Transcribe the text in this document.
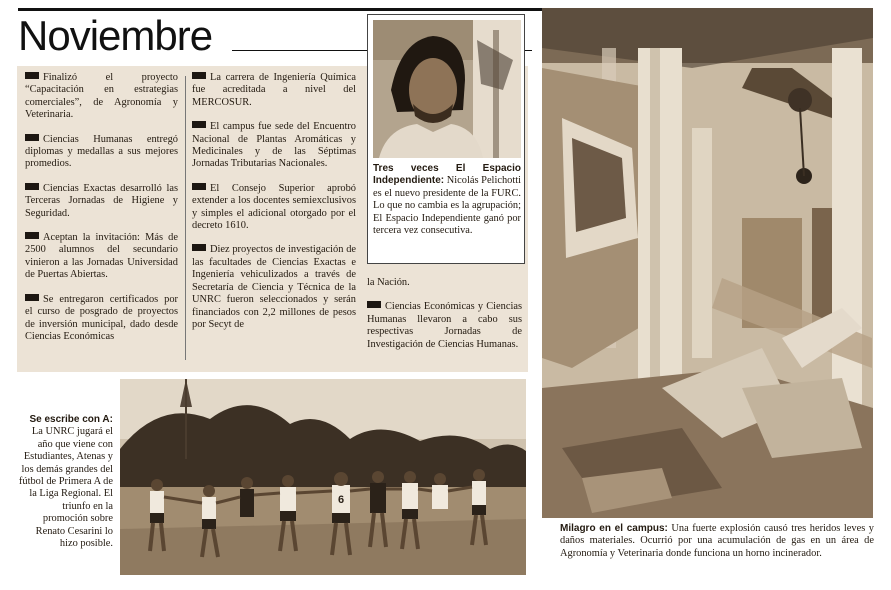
Noviembre

Finalizó el proyecto “Capacitación en estrategias comerciales”, de Agronomía y Veterinaria.

Ciencias Humanas entregó diplomas y medallas a sus mejores promedios.

Ciencias Exactas desarrolló las Terceras Jornadas de Higiene y Seguridad.

Aceptan la invitación: Más de 2500 alumnos del secundario vinieron a las Jornadas Universidad de Puertas Abiertas.

Se entregaron certificados por el curso de posgrado de proyectos de inversión municipal, dado desde Ciencias Económicas

La carrera de Ingeniería Química fue acreditada a nivel del MERCOSUR.

El campus fue sede del Encuentro Nacional de Plantas Aromáticas y Medicinales y de las Séptimas Jornadas Tributarias Nacionales.

El Consejo Superior aprobó extender a los docentes semiexclusivos y simples el adicional otorgado por el decreto 1610.

Diez proyectos de investigación de las facultades de Ciencias Exactas e Ingeniería vehiculizados a través de Secretaría de Ciencia y Técnica de la UNRC fueron seleccionados y serán financiados con 2,2 millones de pesos por Secyt de

la Nación.

Ciencias Económicas y Ciencias Humanas llevaron a cabo sus respectivas Jornadas de Investigación de Ciencias Humanas.

Tres veces El Espacio Independiente: Nicolás Pelichotti es el nuevo presidente de la FURC. Lo que no cambia es la agrupación; El Espacio Independiente ganó por tercera vez consecutiva.
Milagro en el campus: Una fuerte explosión causó tres heridos leves y daños materiales. Ocurrió por una acumulación de gas en un área de Agronomía y Veterinaria donde funciona un horno incinerador.
6
Se escribe con A: La UNRC jugará el año que viene con Estudiantes, Atenas y los demás grandes del fútbol de Primera A de la Liga Regional. El triunfo en la promoción sobre Renato Cesarini lo hizo posible.
